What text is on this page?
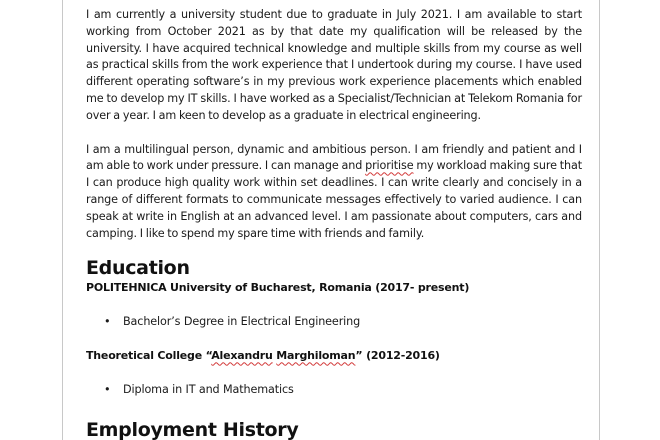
I am currently a university student due to graduate in July 2021. I am available to start working from October 2021 as by that date my qualification will be released by the university. I have acquired technical knowledge and multiple skills from my course as well as practical skills from the work experience that I undertook during my course. I have used different operating software’s in my previous work experience placements which enabled me to develop my IT skills. I have worked as a Specialist/Technician at Telekom Romania for over a year. I am keen to develop as a graduate in electrical engineering.

I am a multilingual person, dynamic and ambitious person. I am friendly and patient and I am able to work under pressure. I can manage and prioritise my workload making sure that I can produce high quality work within set deadlines. I can write clearly and concisely in a range of different formats to communicate messages effectively to varied audience. I can speak at write in English at an advanced level. I am passionate about computers, cars and camping. I like to spend my spare time with friends and family.

Education

POLITEHNICA University of Bucharest, Romania (2017- present)

• Bachelor’s Degree in Electrical Engineering

Theoretical College “Alexandru Marghiloman” (2012-2016)

• Diploma in IT and Mathematics
Employment History
